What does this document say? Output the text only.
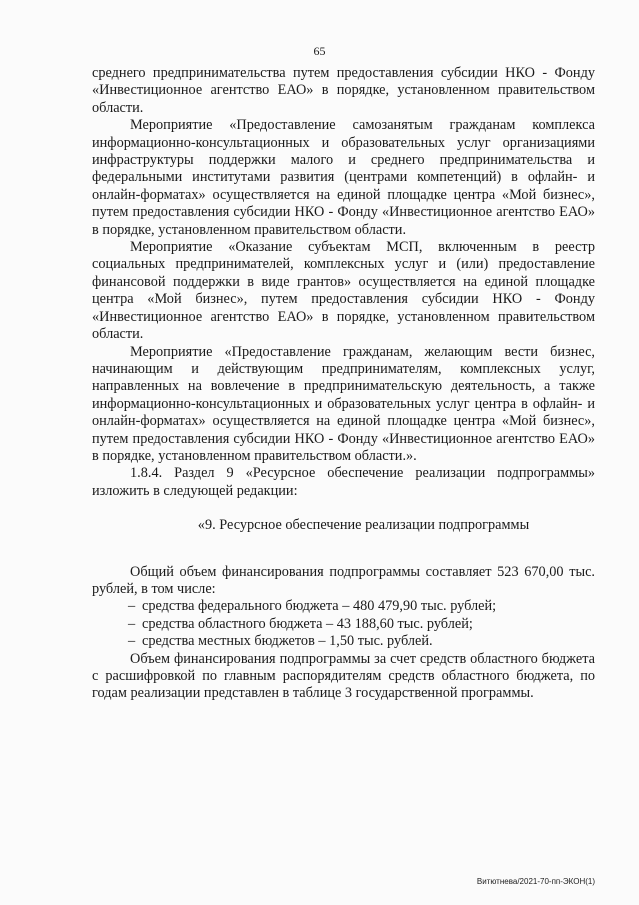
65

среднего предпринимательства путем предоставления субсидии НКО - Фонду «Инвестиционное агентство ЕАО» в порядке, установленном правительством области.

Мероприятие «Предоставление самозанятым гражданам комплекса информационно-консультационных и образовательных услуг организациями инфраструктуры поддержки малого и среднего предпринимательства и федеральными институтами развития (центрами компетенций) в офлайн- и онлайн-форматах» осуществляется на единой площадке центра «Мой бизнес», путем предоставления субсидии НКО - Фонду «Инвестиционное агентство ЕАО» в порядке, установленном правительством области.

Мероприятие «Оказание субъектам МСП, включенным в реестр социальных предпринимателей, комплексных услуг и (или) предоставление финансовой поддержки в виде грантов» осуществляется на единой площадке центра «Мой бизнес», путем предоставления субсидии НКО - Фонду «Инвестиционное агентство ЕАО» в порядке, установленном правительством области.

Мероприятие «Предоставление гражданам, желающим вести бизнес, начинающим и действующим предпринимателям, комплексных услуг, направленных на вовлечение в предпринимательскую деятельность, а также информационно-консультационных и образовательных услуг центра в офлайн- и онлайн-форматах» осуществляется на единой площадке центра «Мой бизнес», путем предоставления субсидии НКО - Фонду «Инвестиционное агентство ЕАО» в порядке, установленном правительством области.».

1.8.4. Раздел 9 «Ресурсное обеспечение реализации подпрограммы» изложить в следующей редакции:

«9. Ресурсное обеспечение реализации подпрограммы

Общий объем финансирования подпрограммы составляет 523 670,00 тыс. рублей, в том числе:

– средства федерального бюджета – 480 479,90 тыс. рублей;
– средства областного бюджета – 43 188,60 тыс. рублей;
– средства местных бюджетов – 1,50 тыс. рублей.

Объем финансирования подпрограммы за счет средств областного бюджета с расшифровкой по главным распорядителям средств областного бюджета, по годам реализации представлен в таблице 3 государственной программы.

Витютнева/2021-70-пп-ЭКОН(1)
